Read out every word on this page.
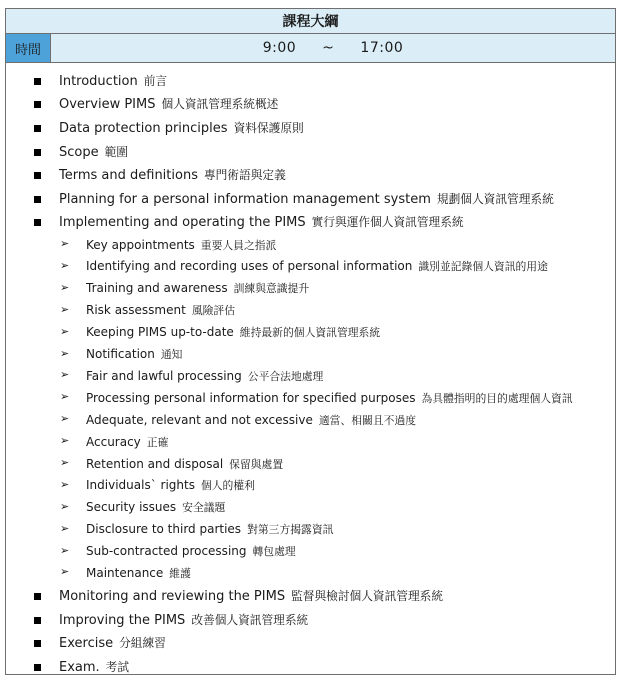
課程大綱
時間	9:00 ~ 17:00
Introduction 前言
Overview PIMS 個人資訊管理系統概述
Data protection principles 資料保護原則
Scope 範圍
Terms and definitions 專門術語與定義
Planning for a personal information management system 規劃個人資訊管理系統
Implementing and operating the PIMS 實行與運作個人資訊管理系統
➢ Key appointments 重要人員之指派
➢ Identifying and recording uses of personal information 識別並記錄個人資訊的用途
➢ Training and awareness 訓練與意識提升
➢ Risk assessment 風險評估
➢ Keeping PIMS up-to-date 維持最新的個人資訊管理系統
➢ Notification 通知
➢ Fair and lawful processing 公平合法地處理
➢ Processing personal information for specified purposes 為具體指明的目的處理個人資訊
➢ Adequate, relevant and not excessive 適當、相關且不過度
➢ Accuracy 正確
➢ Retention and disposal 保留與處置
➢ Individuals` rights 個人的權利
➢ Security issues 安全議題
➢ Disclosure to third parties 對第三方揭露資訊
➢ Sub-contracted processing 轉包處理
➢ Maintenance 維護
Monitoring and reviewing the PIMS 監督與檢討個人資訊管理系統
Improving the PIMS 改善個人資訊管理系統
Exercise 分組練習
Exam. 考試
